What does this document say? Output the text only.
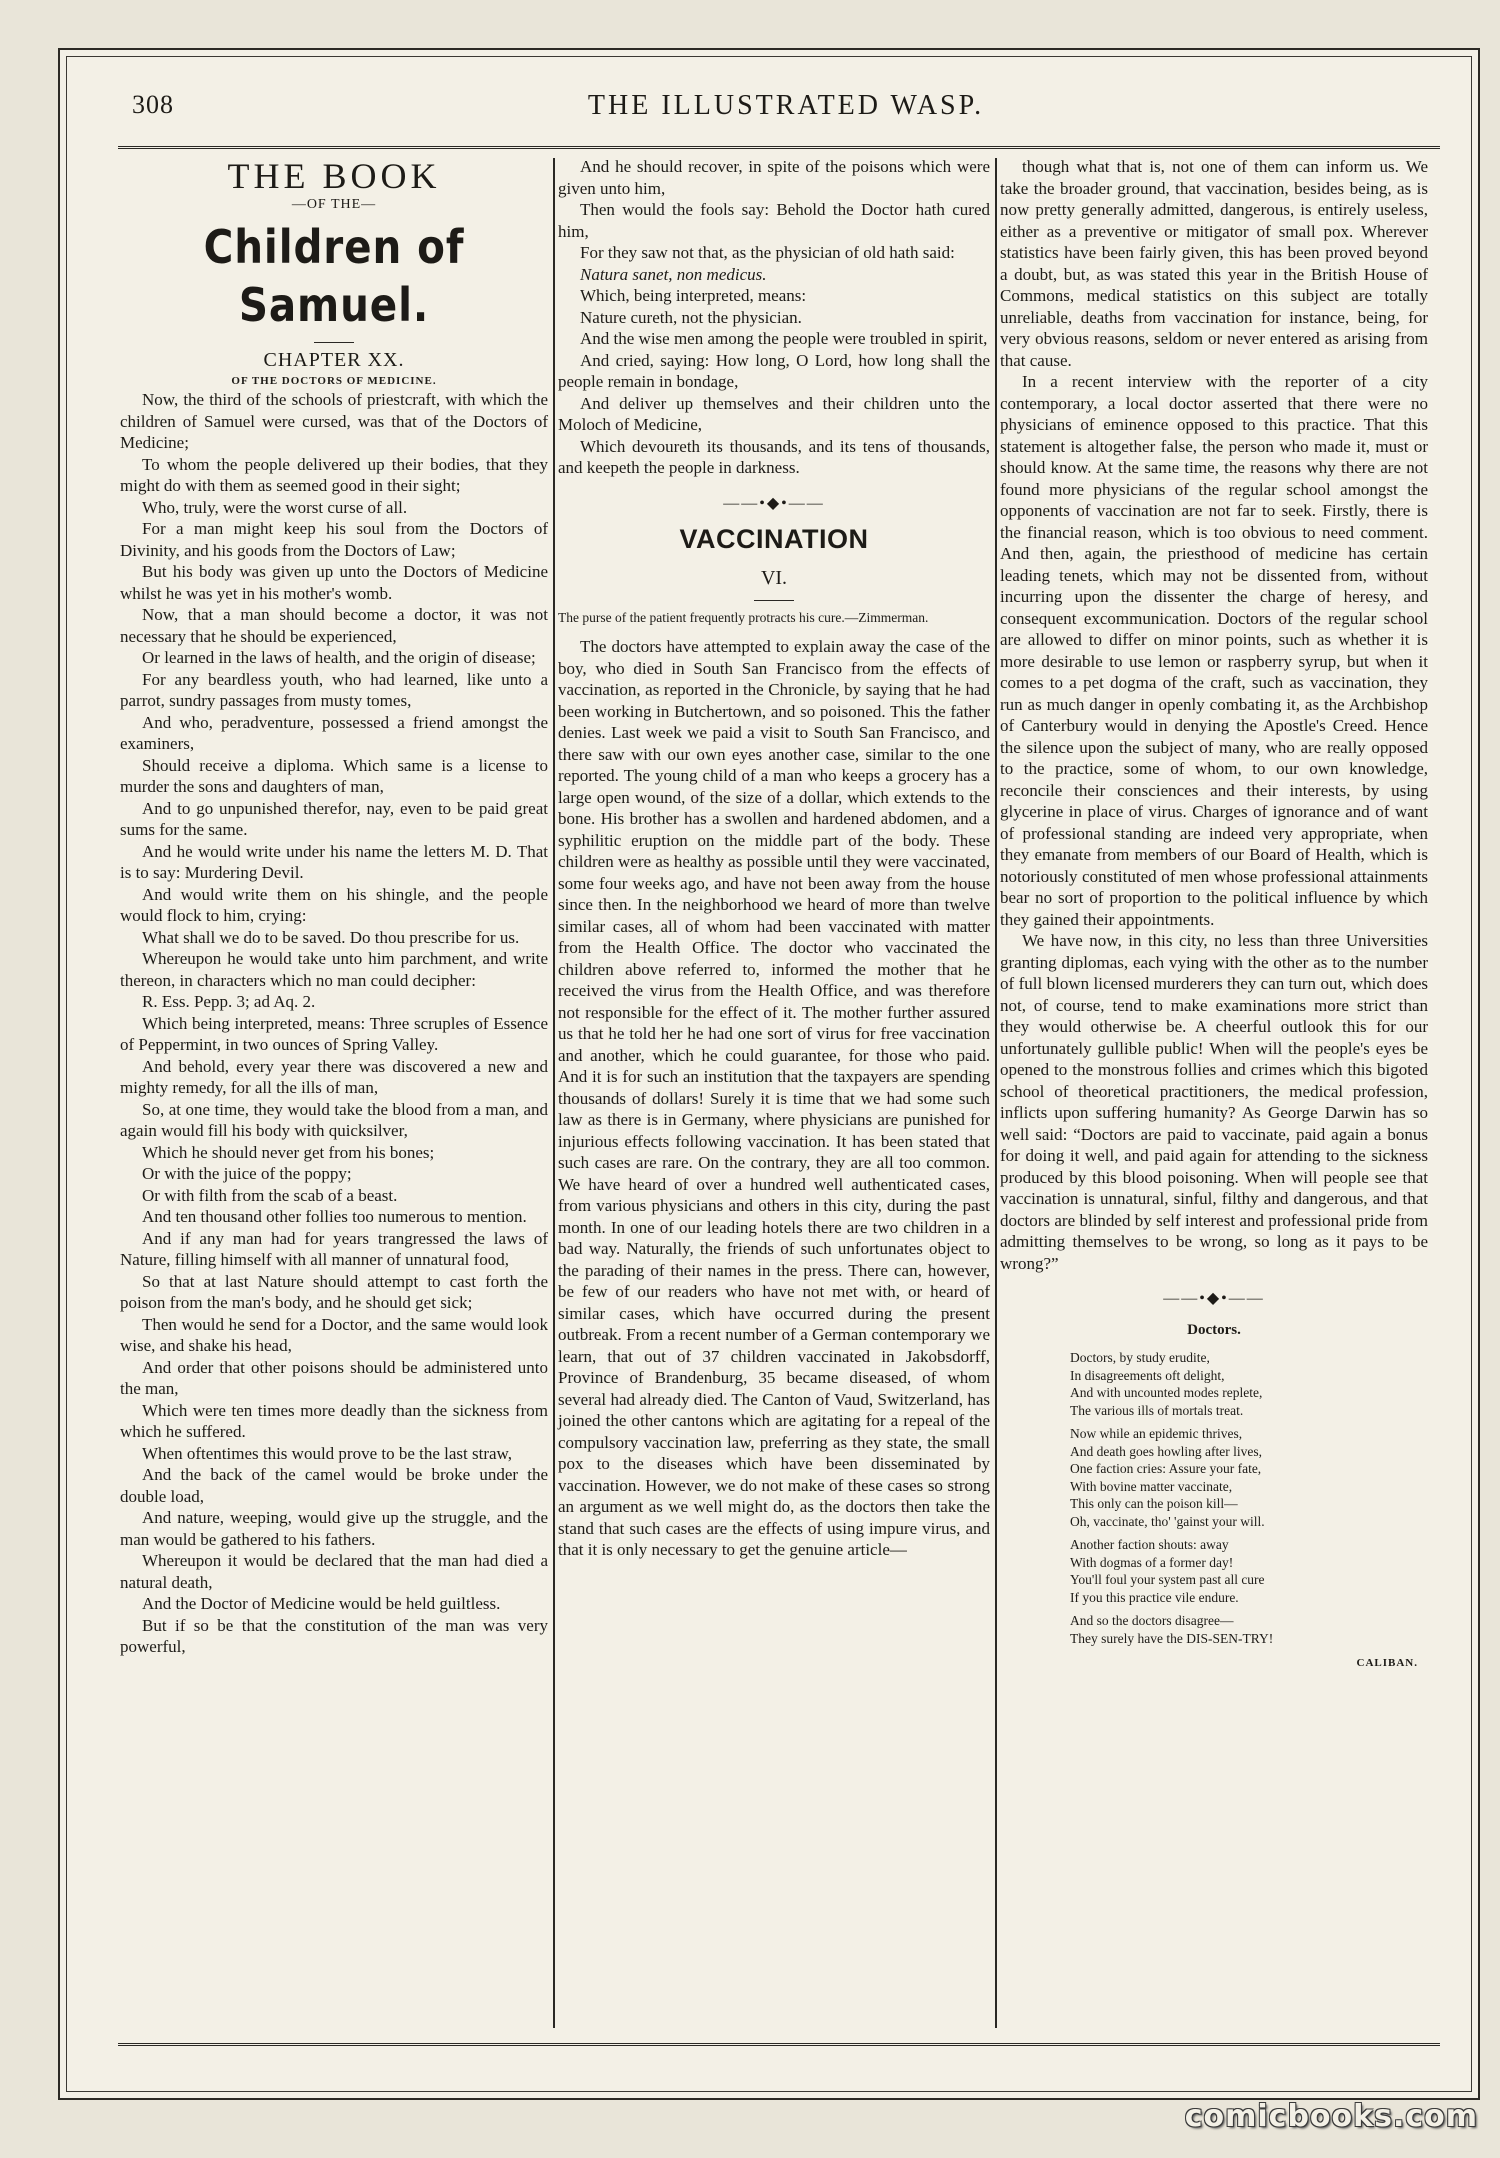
308	THE ILLUSTRATED WASP.
THE BOOK
—OF THE—
Children of Samuel.
CHAPTER XX.
OF THE DOCTORS OF MEDICINE.

Now, the third of the schools of priestcraft, with which the children of Samuel were cursed, was that of the Doctors of Medicine;

To whom the people delivered up their bodies, that they might do with them as seemed good in their sight;

Who, truly, were the worst curse of all.

For a man might keep his soul from the Doctors of Divinity, and his goods from the Doctors of Law;

But his body was given up unto the Doctors of Medicine whilst he was yet in his mother's womb.

Now, that a man should become a doctor, it was not necessary that he should be experienced,

Or learned in the laws of health, and the origin of disease;

For any beardless youth, who had learned, like unto a parrot, sundry passages from musty tomes,

And who, peradventure, possessed a friend amongst the examiners,

Should receive a diploma. Which same is a license to murder the sons and daughters of man,

And to go unpunished therefor, nay, even to be paid great sums for the same.

And he would write under his name the letters M. D. That is to say: Murdering Devil.

And would write them on his shingle, and the people would flock to him, crying:

What shall we do to be saved. Do thou prescribe for us.

Whereupon he would take unto him parchment, and write thereon, in characters which no man could decipher:

R. Ess. Pepp. 3; ad Aq. 2.

Which being interpreted, means: Three scruples of Essence of Peppermint, in two ounces of Spring Valley.

And behold, every year there was discovered a new and mighty remedy, for all the ills of man,

So, at one time, they would take the blood from a man, and again would fill his body with quicksilver,

Which he should never get from his bones;

Or with the juice of the poppy;

Or with filth from the scab of a beast.

And ten thousand other follies too numerous to mention.

And if any man had for years trangressed the laws of Nature, filling himself with all manner of unnatural food,

So that at last Nature should attempt to cast forth the poison from the man's body, and he should get sick;

Then would he send for a Doctor, and the same would look wise, and shake his head,

And order that other poisons should be administered unto the man,

Which were ten times more deadly than the sickness from which he suffered.

When oftentimes this would prove to be the last straw,

And the back of the camel would be broke under the double load,

And nature, weeping, would give up the struggle, and the man would be gathered to his fathers.

Whereupon it would be declared that the man had died a natural death,

And the Doctor of Medicine would be held guiltless.

But if so be that the constitution of the man was very powerful,

And he should recover, in spite of the poisons which were given unto him,

Then would the fools say: Behold the Doctor hath cured him,

For they saw not that, as the physician of old hath said:

Natura sanet, non medicus.

Which, being interpreted, means:

Nature cureth, not the physician.

And the wise men among the people were troubled in spirit,

And cried, saying: How long, O Lord, how long shall the people remain in bondage,

And deliver up themselves and their children unto the Moloch of Medicine,

Which devoureth its thousands, and its tens of thousands, and keepeth the people in darkness.

——•◆•——
VACCINATION
VI.
The purse of the patient frequently protracts his cure.—Zimmerman.

The doctors have attempted to explain away the case of the boy, who died in South San Francisco from the effects of vaccination, as reported in the Chronicle, by saying that he had been working in Butchertown, and so poisoned. This the father denies. Last week we paid a visit to South San Francisco, and there saw with our own eyes another case, similar to the one reported. The young child of a man who keeps a grocery has a large open wound, of the size of a dollar, which extends to the bone. His brother has a swollen and hardened abdomen, and a syphilitic eruption on the middle part of the body. These children were as healthy as possible until they were vaccinated, some four weeks ago, and have not been away from the house since then. In the neighborhood we heard of more than twelve similar cases, all of whom had been vaccinated with matter from the Health Office. The doctor who vaccinated the children above referred to, informed the mother that he received the virus from the Health Office, and was therefore not responsible for the effect of it. The mother further assured us that he told her he had one sort of virus for free vaccination and another, which he could guarantee, for those who paid. And it is for such an institution that the taxpayers are spending thousands of dollars! Surely it is time that we had some such law as there is in Germany, where physicians are punished for injurious effects following vaccination. It has been stated that such cases are rare. On the contrary, they are all too common. We have heard of over a hundred well authenticated cases, from various physicians and others in this city, during the past month. In one of our leading hotels there are two children in a bad way. Naturally, the friends of such unfortunates object to the parading of their names in the press. There can, however, be few of our readers who have not met with, or heard of similar cases, which have occurred during the present outbreak. From a recent number of a German contemporary we learn, that out of 37 children vaccinated in Jakobsdorff, Province of Brandenburg, 35 became diseased, of whom several had already died. The Canton of Vaud, Switzerland, has joined the other cantons which are agitating for a repeal of the compulsory vaccination law, preferring as they state, the small pox to the diseases which have been disseminated by vaccination. However, we do not make of these cases so strong an argument as we well might do, as the doctors then take the stand that such cases are the effects of using impure virus, and that it is only necessary to get the genuine article—

though what that is, not one of them can inform us. We take the broader ground, that vaccination, besides being, as is now pretty generally admitted, dangerous, is entirely useless, either as a preventive or mitigator of small pox. Wherever statistics have been fairly given, this has been proved beyond a doubt, but, as was stated this year in the British House of Commons, medical statistics on this subject are totally unreliable, deaths from vaccination for instance, being, for very obvious reasons, seldom or never entered as arising from that cause.

In a recent interview with the reporter of a city contemporary, a local doctor asserted that there were no physicians of eminence opposed to this practice. That this statement is altogether false, the person who made it, must or should know. At the same time, the reasons why there are not found more physicians of the regular school amongst the opponents of vaccination are not far to seek. Firstly, there is the financial reason, which is too obvious to need comment. And then, again, the priesthood of medicine has certain leading tenets, which may not be dissented from, without incurring upon the dissenter the charge of heresy, and consequent excommunication. Doctors of the regular school are allowed to differ on minor points, such as whether it is more desirable to use lemon or raspberry syrup, but when it comes to a pet dogma of the craft, such as vaccination, they run as much danger in openly combating it, as the Archbishop of Canterbury would in denying the Apostle's Creed. Hence the silence upon the subject of many, who are really opposed to the practice, some of whom, to our own knowledge, reconcile their consciences and their interests, by using glycerine in place of virus. Charges of ignorance and of want of professional standing are indeed very appropriate, when they emanate from members of our Board of Health, which is notoriously constituted of men whose professional attainments bear no sort of proportion to the political influence by which they gained their appointments.

We have now, in this city, no less than three Universities granting diplomas, each vying with the other as to the number of full blown licensed murderers they can turn out, which does not, of course, tend to make examinations more strict than they would otherwise be. A cheerful outlook this for our unfortunately gullible public! When will the people's eyes be opened to the monstrous follies and crimes which this bigoted school of theoretical practitioners, the medical profession, inflicts upon suffering humanity? As George Darwin has so well said: “Doctors are paid to vaccinate, paid again a bonus for doing it well, and paid again for attending to the sickness produced by this blood poisoning. When will people see that vaccination is unnatural, sinful, filthy and dangerous, and that doctors are blinded by self interest and professional pride from admitting themselves to be wrong, so long as it pays to be wrong?”

——•◆•——
Doctors.
Doctors, by study erudite,
In disagreements oft delight,
And with uncounted modes replete,
The various ills of mortals treat.
Now while an epidemic thrives,
And death goes howling after lives,
One faction cries: Assure your fate,
With bovine matter vaccinate,
This only can the poison kill—
Oh, vaccinate, tho' 'gainst your will.
Another faction shouts: away
With dogmas of a former day!
You'll foul your system past all cure
If you this practice vile endure.
And so the doctors disagree—
They surely have the DIS-SEN-TRY!
CALIBAN.
comicbooks.com
